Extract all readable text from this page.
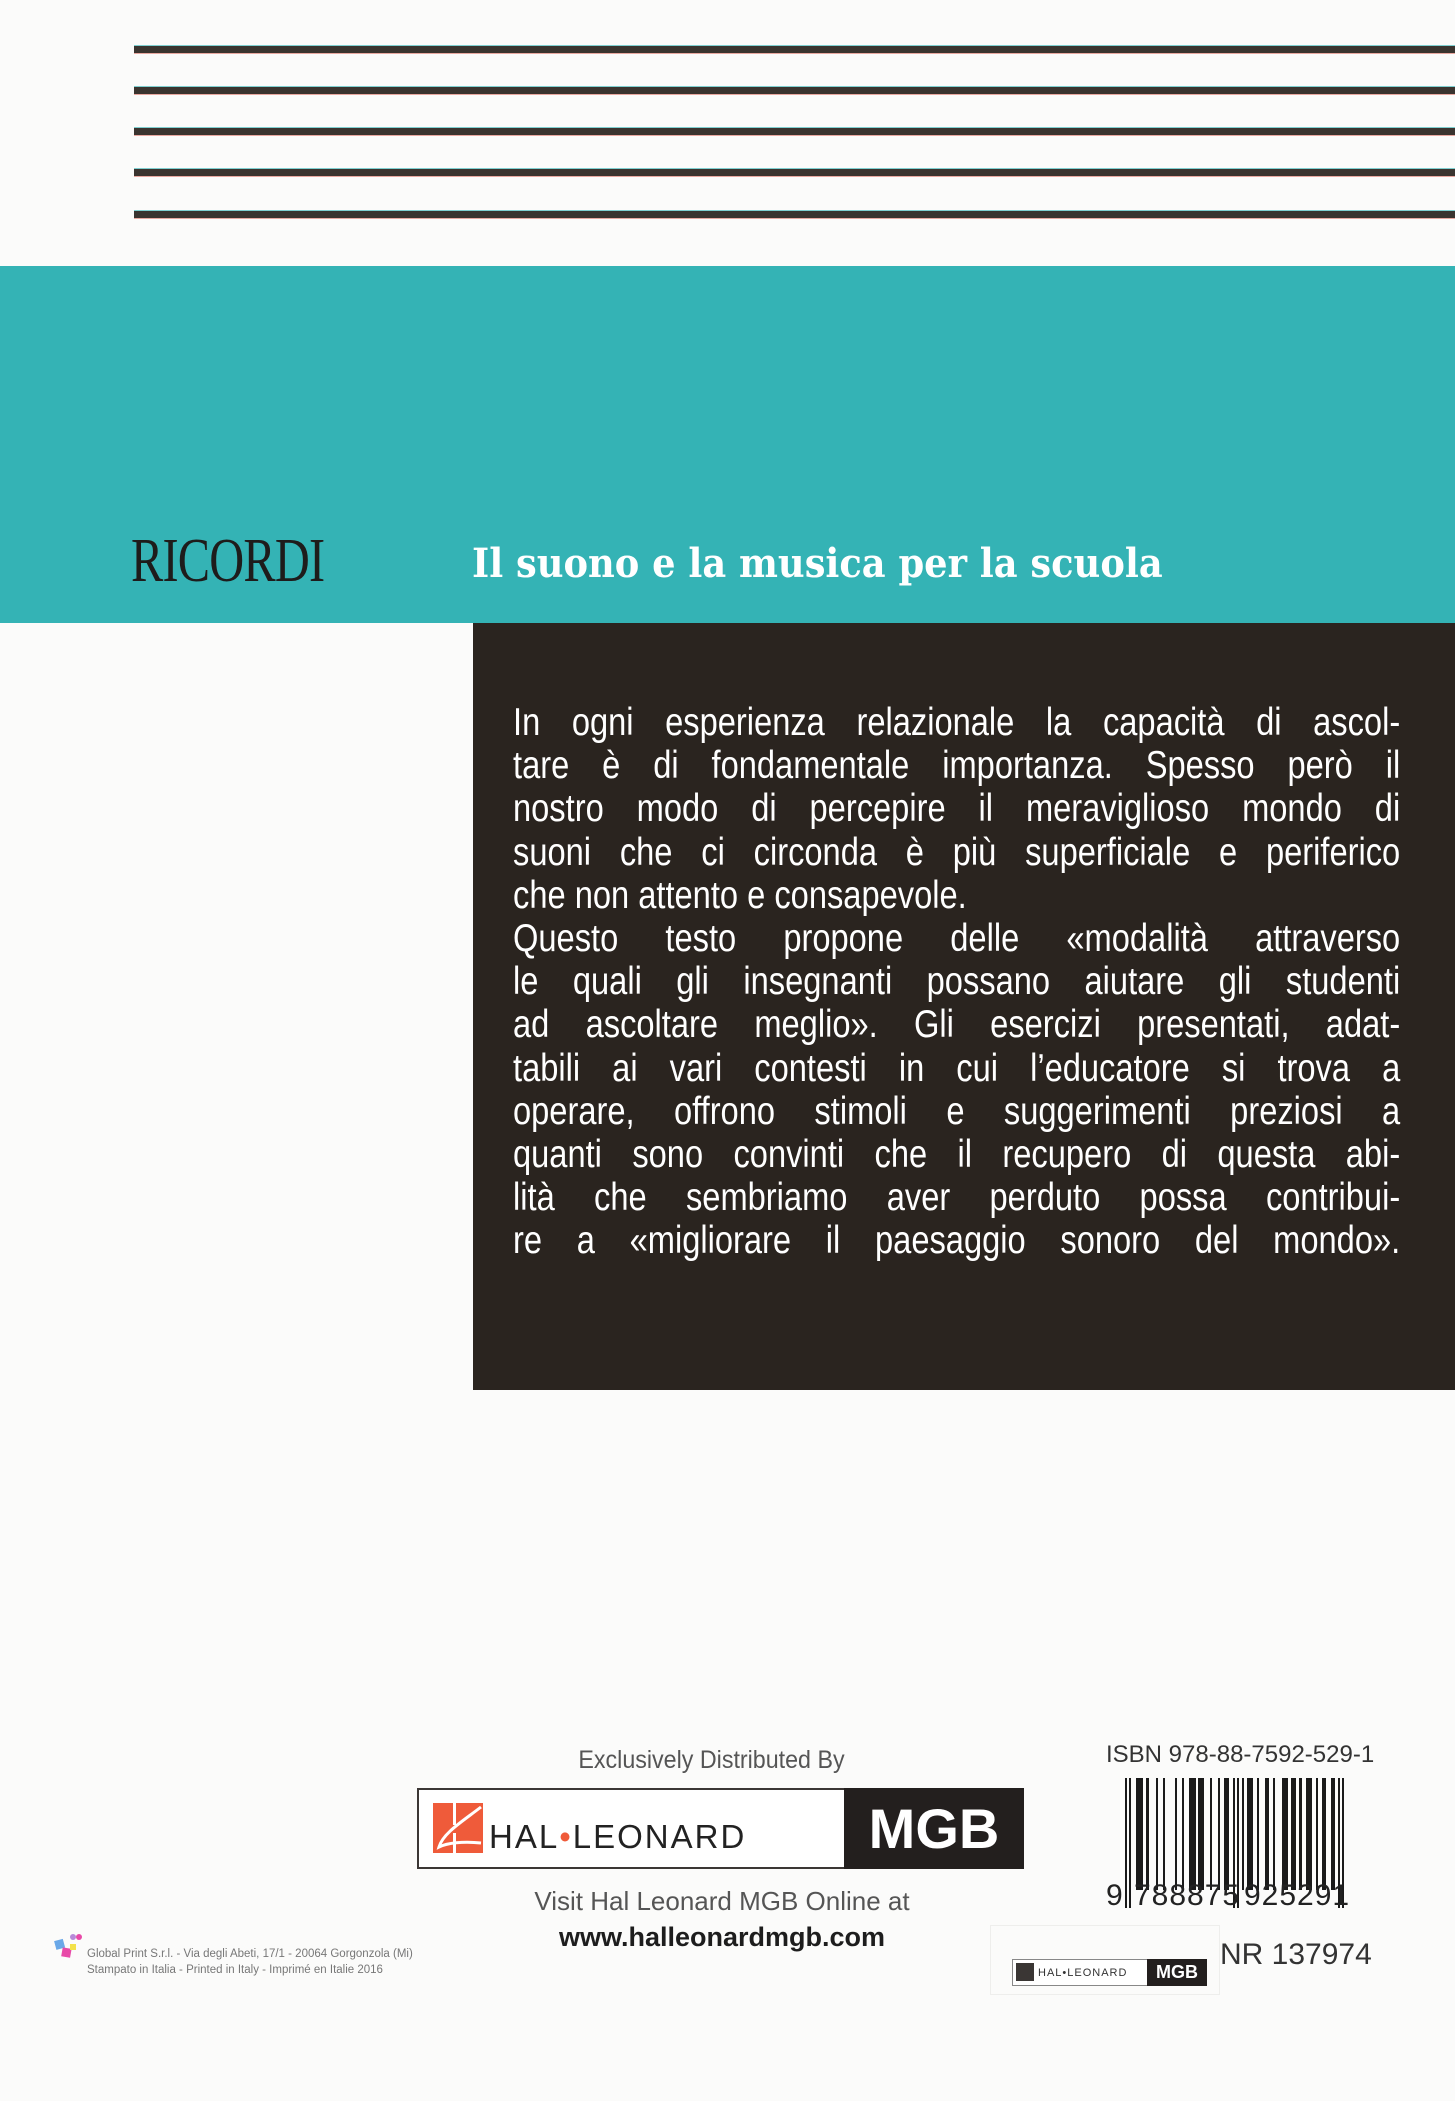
RICORDI	Il suono e la musica per la scuola
In ogni esperienza relazionale la capacità di ascol-
tare è di fondamentale importanza. Spesso però il
nostro modo di percepire il meraviglioso mondo di
suoni che ci circonda è più superficiale e periferico
che non attento e consapevole.
Questo testo propone delle «modalità attraverso
le quali gli insegnanti possano aiutare gli studenti
ad ascoltare meglio». Gli esercizi presentati, adat-
tabili ai vari contesti in cui l’educatore si trova a
operare, offrono stimoli e suggerimenti preziosi a
quanti sono convinti che il recupero di questa abi-
lità che sembriamo aver perduto possa contribui-
re a «migliorare il paesaggio sonoro del mondo».
Exclusively Distributed By
HAL•LEONARD	MGB
Visit Hal Leonard MGB Online at
www.halleonardmgb.com
Global Print S.r.l. - Via degli Abeti, 17/1 - 20064 Gorgonzola (Mi)
Stampato in Italia - Printed in Italy - Imprimé en Italie 2016
ISBN 978-88-7592-529-1
9 788875 925291
HAL•LEONARD	MGB
NR 137974
